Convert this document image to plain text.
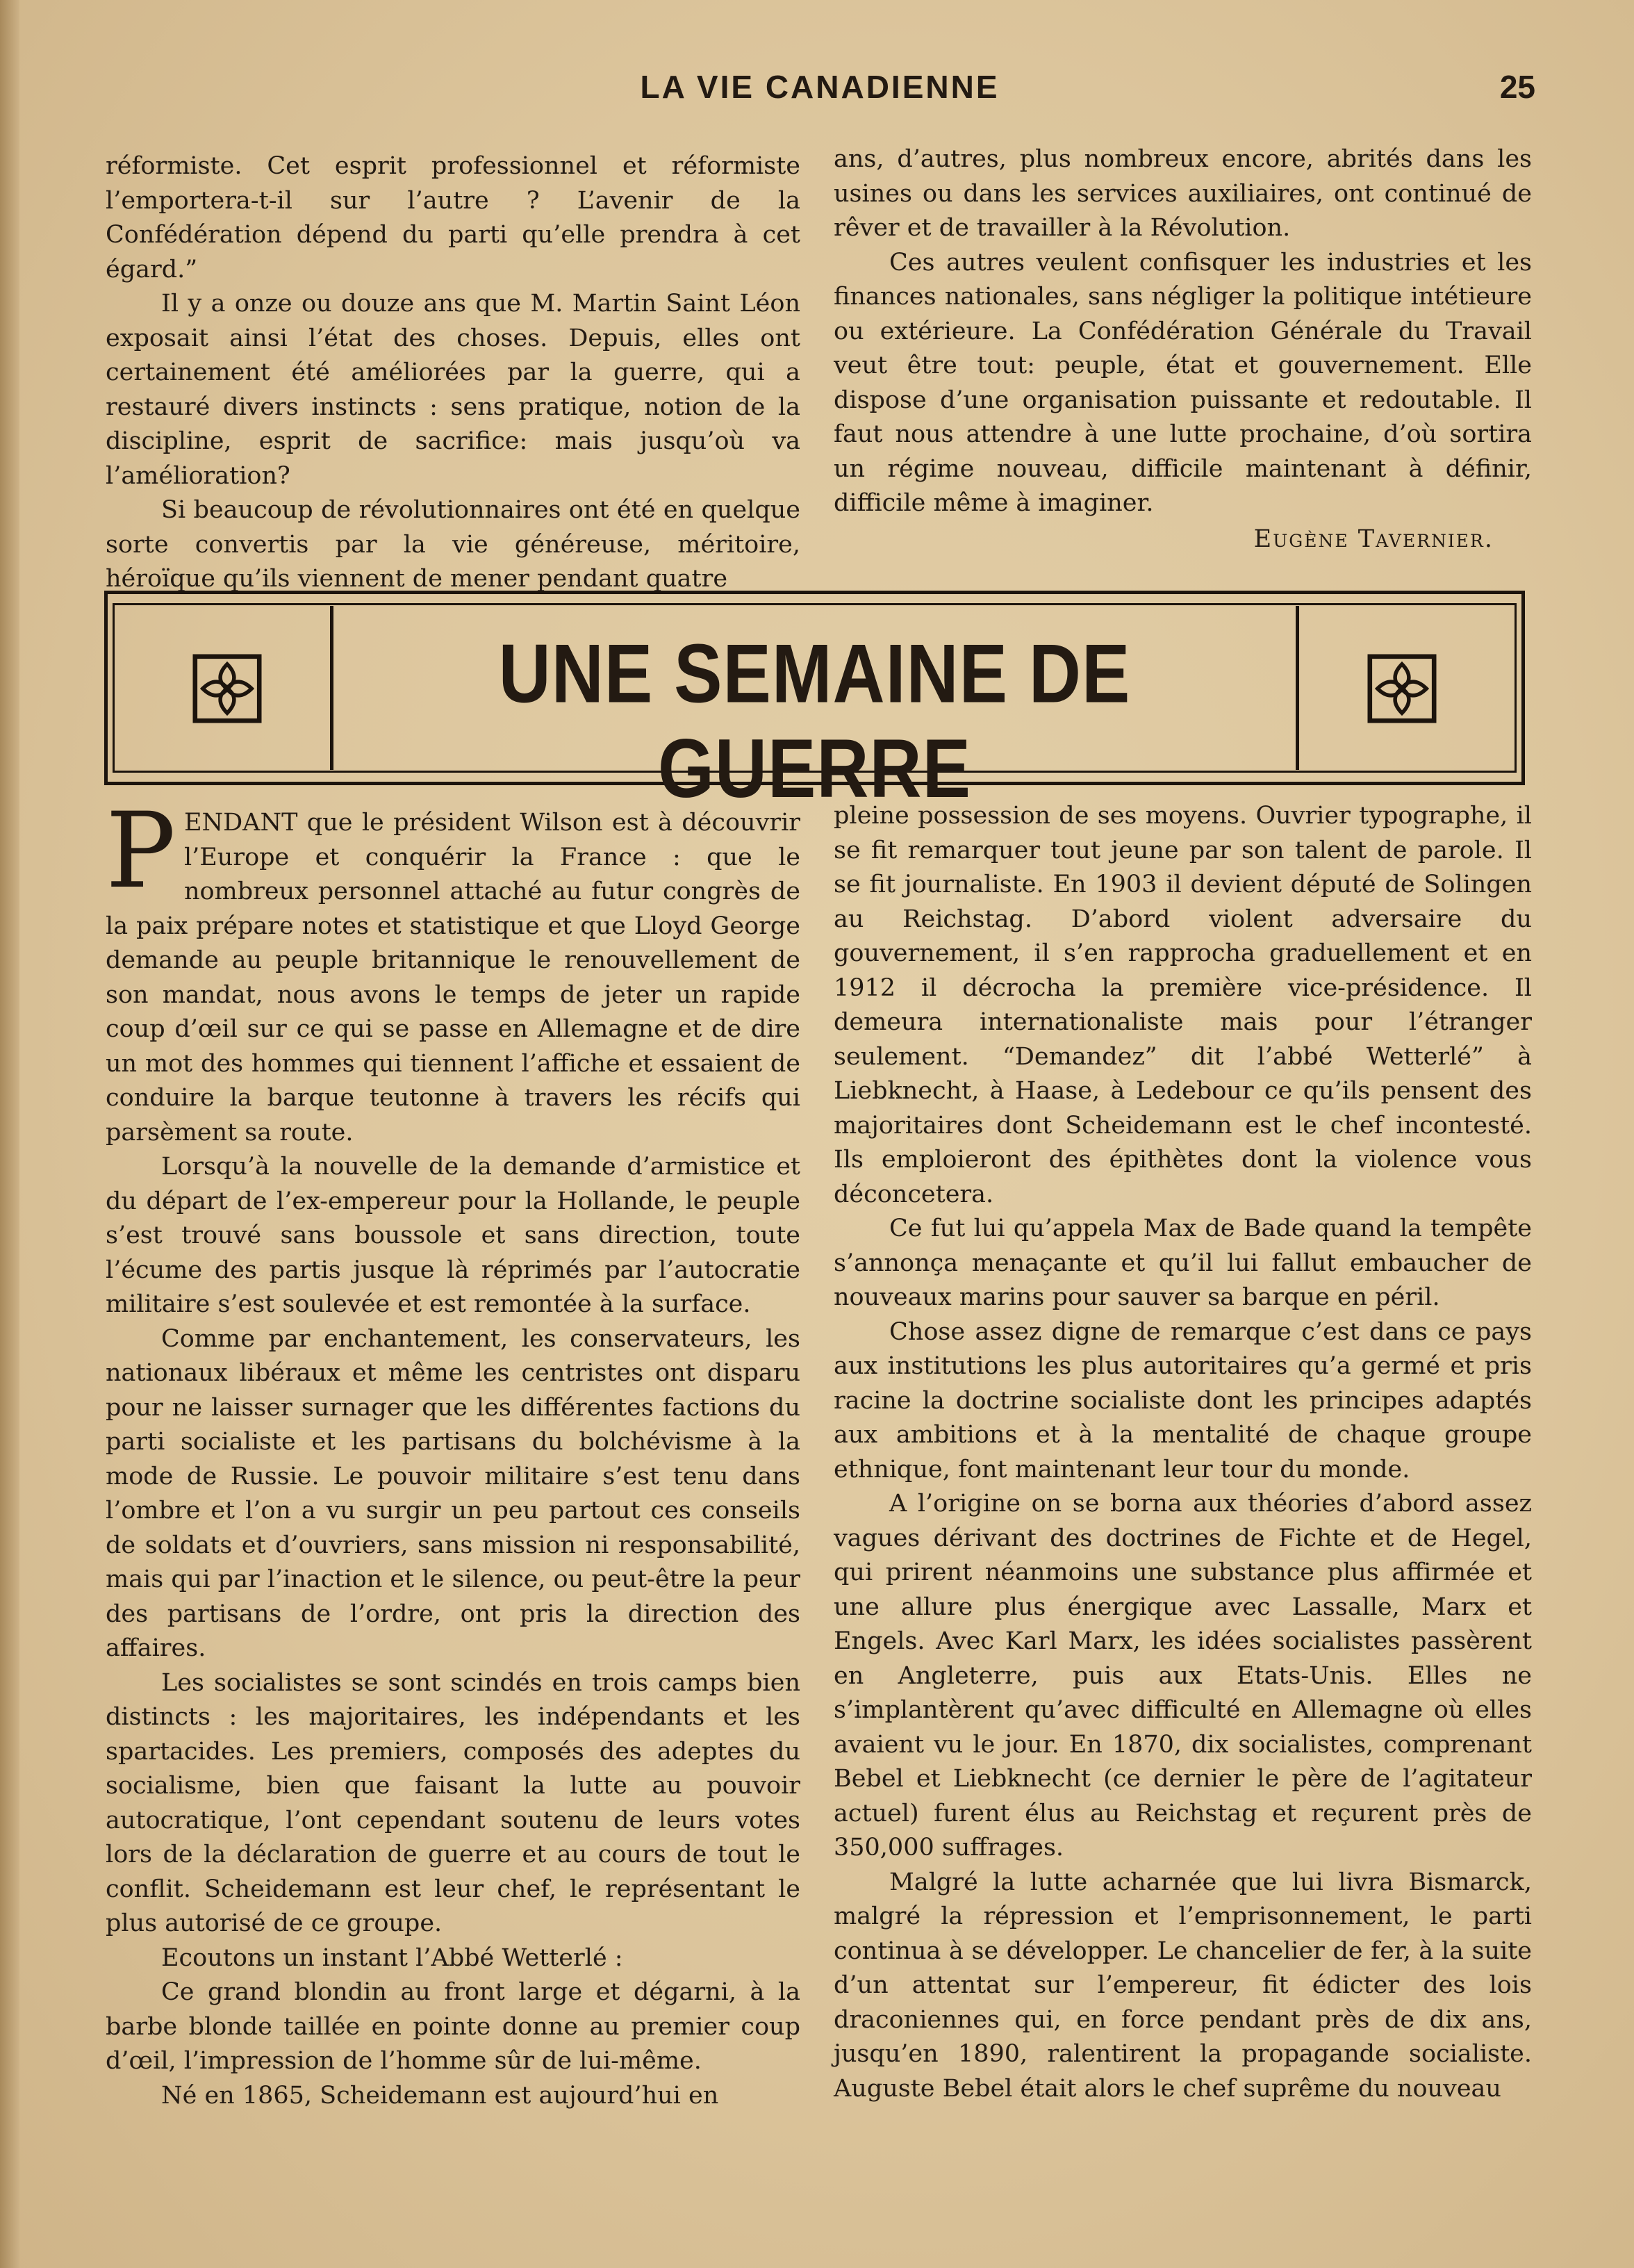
LA VIE CANADIENNE	25

réformiste. Cet esprit professionnel et réformiste l’emportera-t-il sur l’autre ? L’avenir de la Confédération dépend du parti qu’elle prendra à cet égard.”

Il y a onze ou douze ans que M. Martin Saint Léon exposait ainsi l’état des choses. Depuis, elles ont certainement été améliorées par la guerre, qui a restauré divers instincts : sens pratique, notion de la discipline, esprit de sacrifice: mais jusqu’où va l’amélioration?

Si beaucoup de révolutionnaires ont été en quelque sorte convertis par la vie généreuse, méritoire, héroïque qu’ils viennent de mener pendant quatre

ans, d’autres, plus nombreux encore, abrités dans les usines ou dans les services auxiliaires, ont continué de rêver et de travailler à la Révolution.

Ces autres veulent confisquer les industries et les finances nationales, sans négliger la politique intétieure ou extérieure. La Confédération Générale du Travail veut être tout: peuple, état et gouvernement. Elle dispose d’une organisation puissante et redoutable. Il faut nous attendre à une lutte prochaine, d’où sortira un régime nouveau, difficile maintenant à définir, difficile même à imaginer.

Eugène Tavernier.

UNE SEMAINE DE GUERRE

PENDANT que le président Wilson est à découvrir l’Europe et conquérir la France : que le nombreux personnel attaché au futur congrès de la paix prépare notes et statistique et que Lloyd George demande au peuple britannique le renouvellement de son mandat, nous avons le temps de jeter un rapide coup d’œil sur ce qui se passe en Allemagne et de dire un mot des hommes qui tiennent l’affiche et essaient de conduire la barque teutonne à travers les récifs qui parsèment sa route.

Lorsqu’à la nouvelle de la demande d’armistice et du départ de l’ex-empereur pour la Hollande, le peuple s’est trouvé sans boussole et sans direction, toute l’écume des partis jusque là réprimés par l’autocratie militaire s’est soulevée et est remontée à la surface.

Comme par enchantement, les conservateurs, les nationaux libéraux et même les centristes ont disparu pour ne laisser surnager que les différentes factions du parti socialiste et les partisans du bolchévisme à la mode de Russie. Le pouvoir militaire s’est tenu dans l’ombre et l’on a vu surgir un peu partout ces conseils de soldats et d’ouvriers, sans mission ni responsabilité, mais qui par l’inaction et le silence, ou peut-être la peur des partisans de l’ordre, ont pris la direction des affaires.

Les socialistes se sont scindés en trois camps bien distincts : les majoritaires, les indépendants et les spartacides. Les premiers, composés des adeptes du socialisme, bien que faisant la lutte au pouvoir autocratique, l’ont cependant soutenu de leurs votes lors de la déclaration de guerre et au cours de tout le conflit. Scheidemann est leur chef, le représentant le plus autorisé de ce groupe.

Ecoutons un instant l’Abbé Wetterlé :

Ce grand blondin au front large et dégarni, à la barbe blonde taillée en pointe donne au premier coup d’œil, l’impression de l’homme sûr de lui-même.

Né en 1865, Scheidemann est aujourd’hui en

pleine possession de ses moyens. Ouvrier typographe, il se fit remarquer tout jeune par son talent de parole. Il se fit journaliste. En 1903 il devient député de Solingen au Reichstag. D’abord violent adversaire du gouvernement, il s’en rapprocha graduellement et en 1912 il décrocha la première vice-présidence. Il demeura internationaliste mais pour l’étranger seulement. “Demandez” dit l’abbé Wetterlé” à Liebknecht, à Haase, à Ledebour ce qu’ils pensent des majoritaires dont Scheidemann est le chef incontesté. Ils emploieront des épithètes dont la violence vous déconcetera.

Ce fut lui qu’appela Max de Bade quand la tempête s’annonça menaçante et qu’il lui fallut embaucher de nouveaux marins pour sauver sa barque en péril.

Chose assez digne de remarque c’est dans ce pays aux institutions les plus autoritaires qu’a germé et pris racine la doctrine socialiste dont les principes adaptés aux ambitions et à la mentalité de chaque groupe ethnique, font maintenant leur tour du monde.

A l’origine on se borna aux théories d’abord assez vagues dérivant des doctrines de Fichte et de Hegel, qui prirent néanmoins une substance plus affirmée et une allure plus énergique avec Lassalle, Marx et Engels. Avec Karl Marx, les idées socialistes passèrent en Angleterre, puis aux Etats-Unis. Elles ne s’implantèrent qu’avec difficulté en Allemagne où elles avaient vu le jour. En 1870, dix socialistes, comprenant Bebel et Liebknecht (ce dernier le père de l’agitateur actuel) furent élus au Reichstag et reçurent près de 350,000 suffrages.

Malgré la lutte acharnée que lui livra Bismarck, malgré la répression et l’emprisonnement, le parti continua à se développer. Le chancelier de fer, à la suite d’un attentat sur l’empereur, fit édicter des lois draconiennes qui, en force pendant près de dix ans, jusqu’en 1890, ralentirent la propagande socialiste. Auguste Bebel était alors le chef suprême du nouveau
